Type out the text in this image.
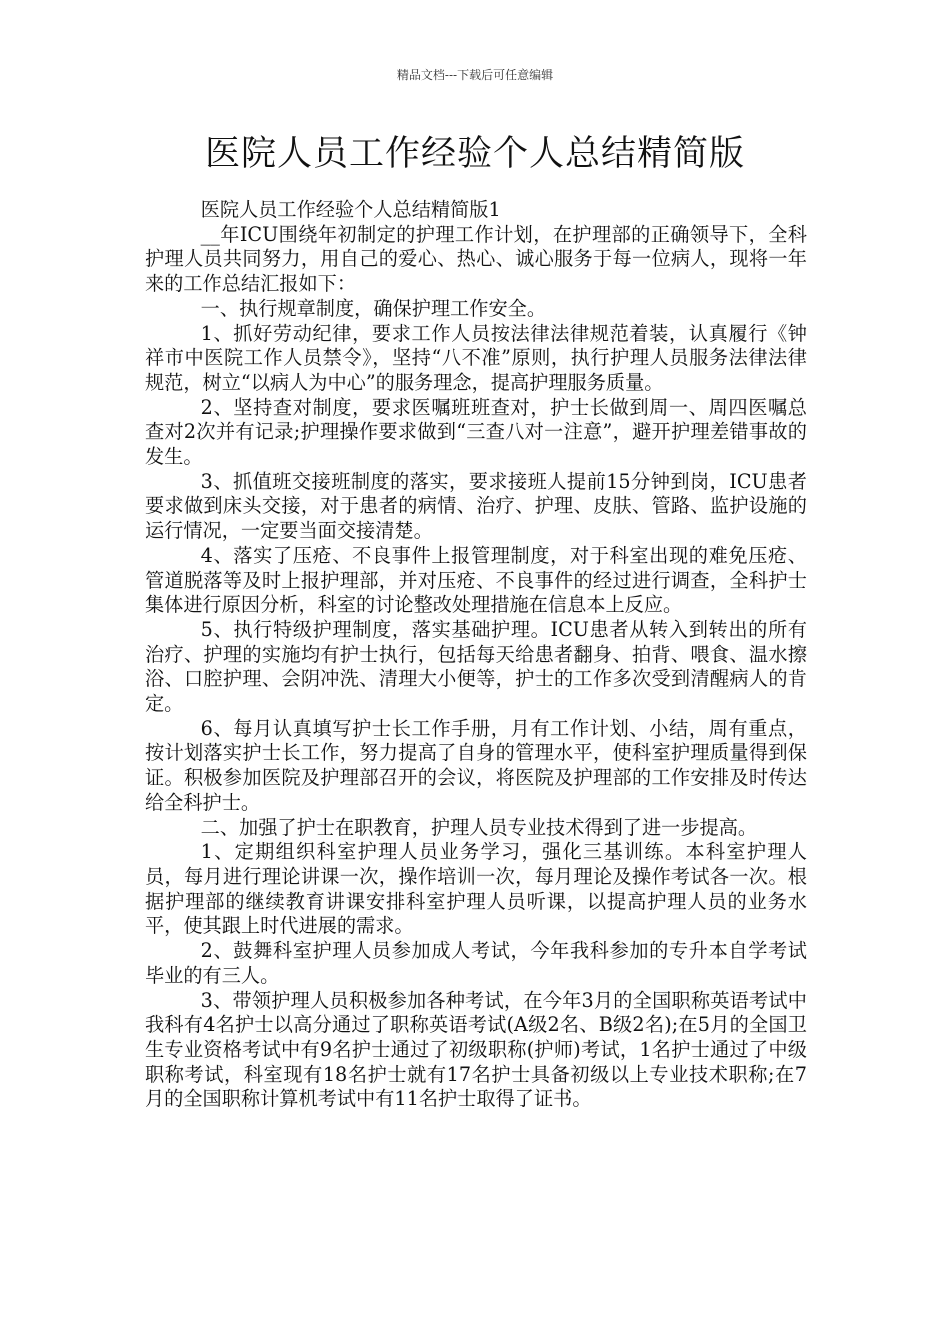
精品文档---下载后可任意编辑
医院人员工作经验个人总结精简版

医院人员工作经验个人总结精简版1

__年ICU围绕年初制定的护理工作计划，在护理部的正确领导下，全科护理人员共同努力，用自己的爱心、热心、诚心服务于每一位病人，现将一年来的工作总结汇报如下：

一、执行规章制度，确保护理工作安全。

1、抓好劳动纪律，要求工作人员按法律法律规范着装，认真履行《钟祥市中医院工作人员禁令》，坚持“八不准”原则，执行护理人员服务法律法律规范，树立“以病人为中心”的服务理念，提高护理服务质量。

2、坚持查对制度，要求医嘱班班查对，护士长做到周一、周四医嘱总查对2次并有记录;护理操作要求做到“三查八对一注意”，避开护理差错事故的发生。

3、抓值班交接班制度的落实，要求接班人提前15分钟到岗，ICU患者要求做到床头交接，对于患者的病情、治疗、护理、皮肤、管路、监护设施的运行情况，一定要当面交接清楚。

4、落实了压疮、不良事件上报管理制度，对于科室出现的难免压疮、管道脱落等及时上报护理部，并对压疮、不良事件的经过进行调查，全科护士集体进行原因分析，科室的讨论整改处理措施在信息本上反应。

5、执行特级护理制度，落实基础护理。ICU患者从转入到转出的所有治疗、护理的实施均有护士执行，包括每天给患者翻身、拍背、喂食、温水擦浴、口腔护理、会阴冲洗、清理大小便等，护士的工作多次受到清醒病人的肯定。

6、每月认真填写护士长工作手册，月有工作计划、小结，周有重点，按计划落实护士长工作，努力提高了自身的管理水平，使科室护理质量得到保证。积极参加医院及护理部召开的会议，将医院及护理部的工作安排及时传达给全科护士。

二、加强了护士在职教育，护理人员专业技术得到了进一步提高。

1、定期组织科室护理人员业务学习，强化三基训练。本科室护理人员，每月进行理论讲课一次，操作培训一次，每月理论及操作考试各一次。根据护理部的继续教育讲课安排科室护理人员听课，以提高护理人员的业务水平，使其跟上时代进展的需求。

2、鼓舞科室护理人员参加成人考试，今年我科参加的专升本自学考试毕业的有三人。

3、带领护理人员积极参加各种考试，在今年3月的全国职称英语考试中我科有4名护士以高分通过了职称英语考试(A级2名、B级2名);在5月的全国卫生专业资格考试中有9名护士通过了初级职称(护师)考试，1名护士通过了中级职称考试，科室现有18名护士就有17名护士具备初级以上专业技术职称;在7月的全国职称计算机考试中有11名护士取得了证书。
